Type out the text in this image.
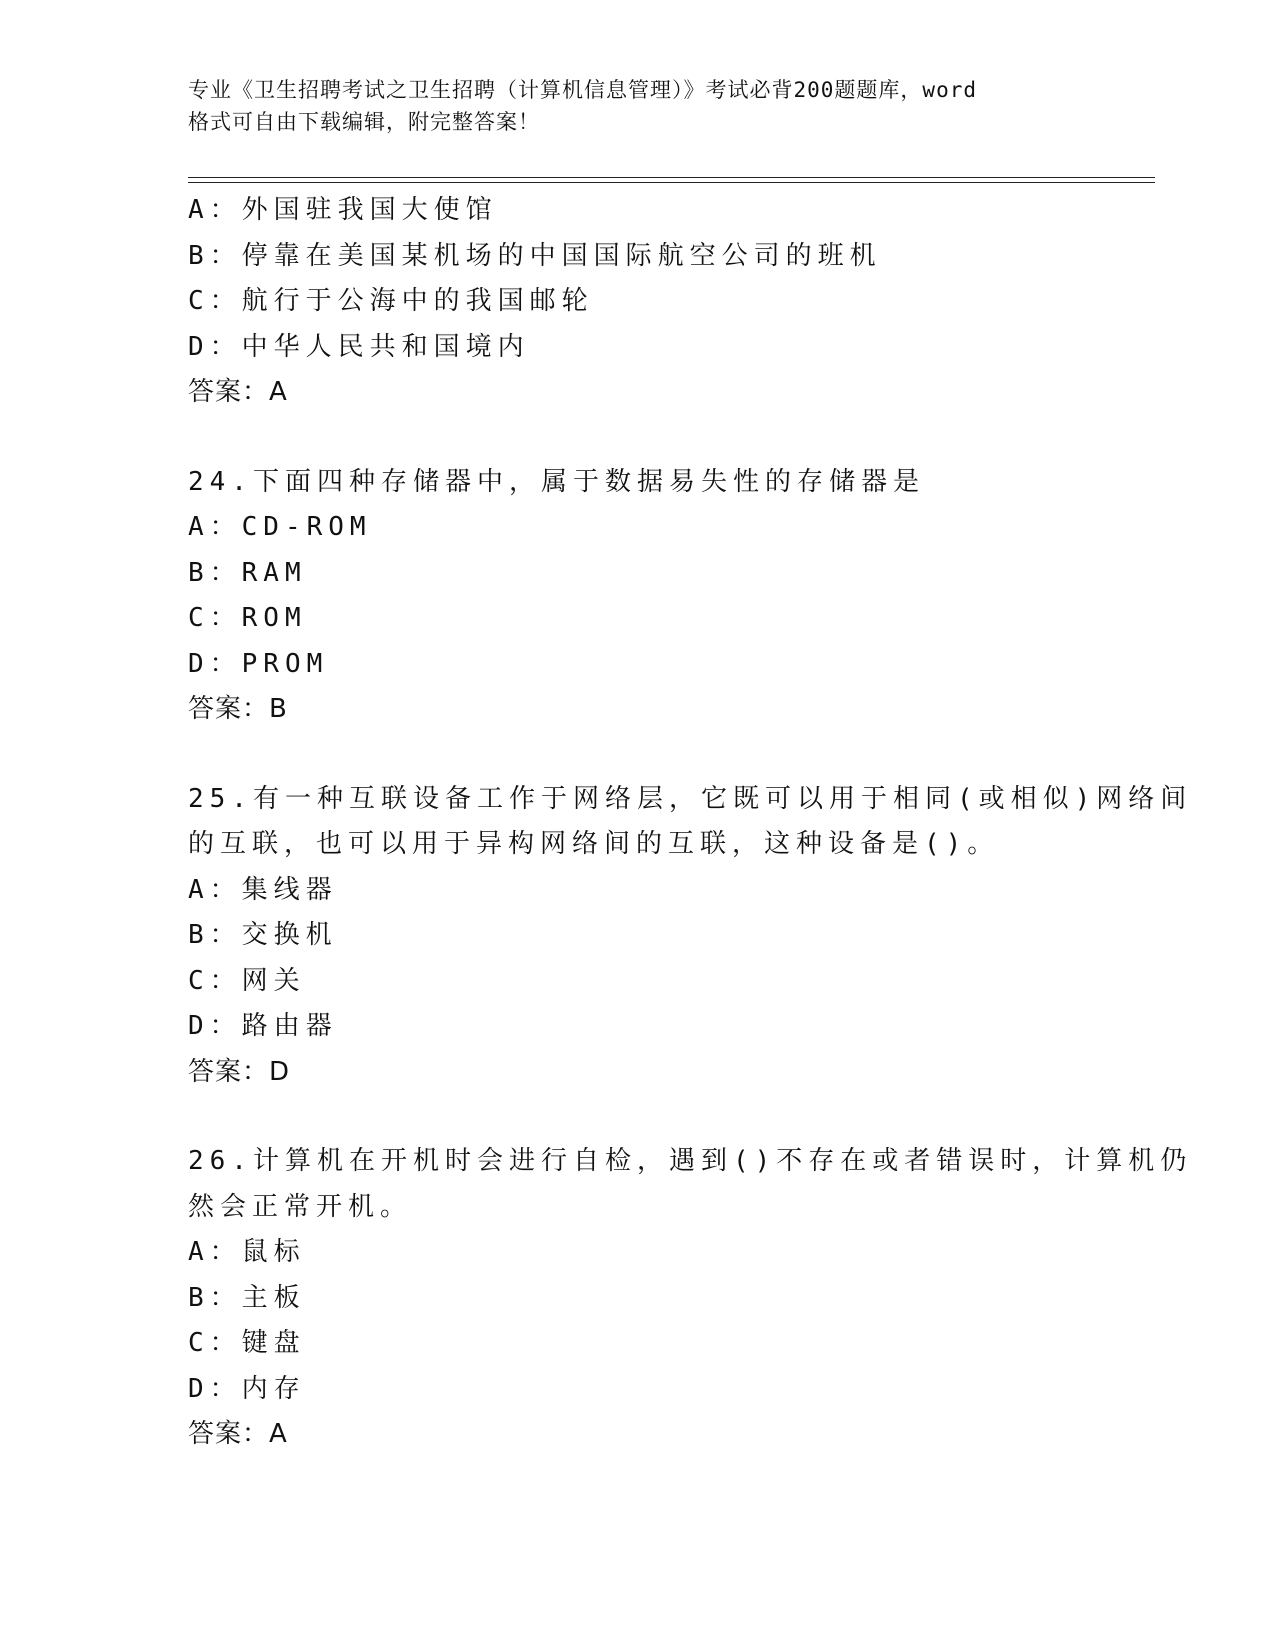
专业《卫生招聘考试之卫生招聘（计算机信息管理）》考试必背200题题库，word
格式可自由下载编辑，附完整答案！
A：外国驻我国大使馆
B：停靠在美国某机场的中国国际航空公司的班机
C：航行于公海中的我国邮轮
D：中华人民共和国境内
答案：A
24.下面四种存储器中，属于数据易失性的存储器是
A：CD-ROM
B：RAM
C：ROM
D：PROM
答案：B
25.有一种互联设备工作于网络层，它既可以用于相同(或相似)网络间
的互联，也可以用于异构网络间的互联，这种设备是()。
A：集线器
B：交换机
C：网关
D：路由器
答案：D
26.计算机在开机时会进行自检，遇到()不存在或者错误时，计算机仍
然会正常开机。
A：鼠标
B：主板
C：键盘
D：内存
答案：A
